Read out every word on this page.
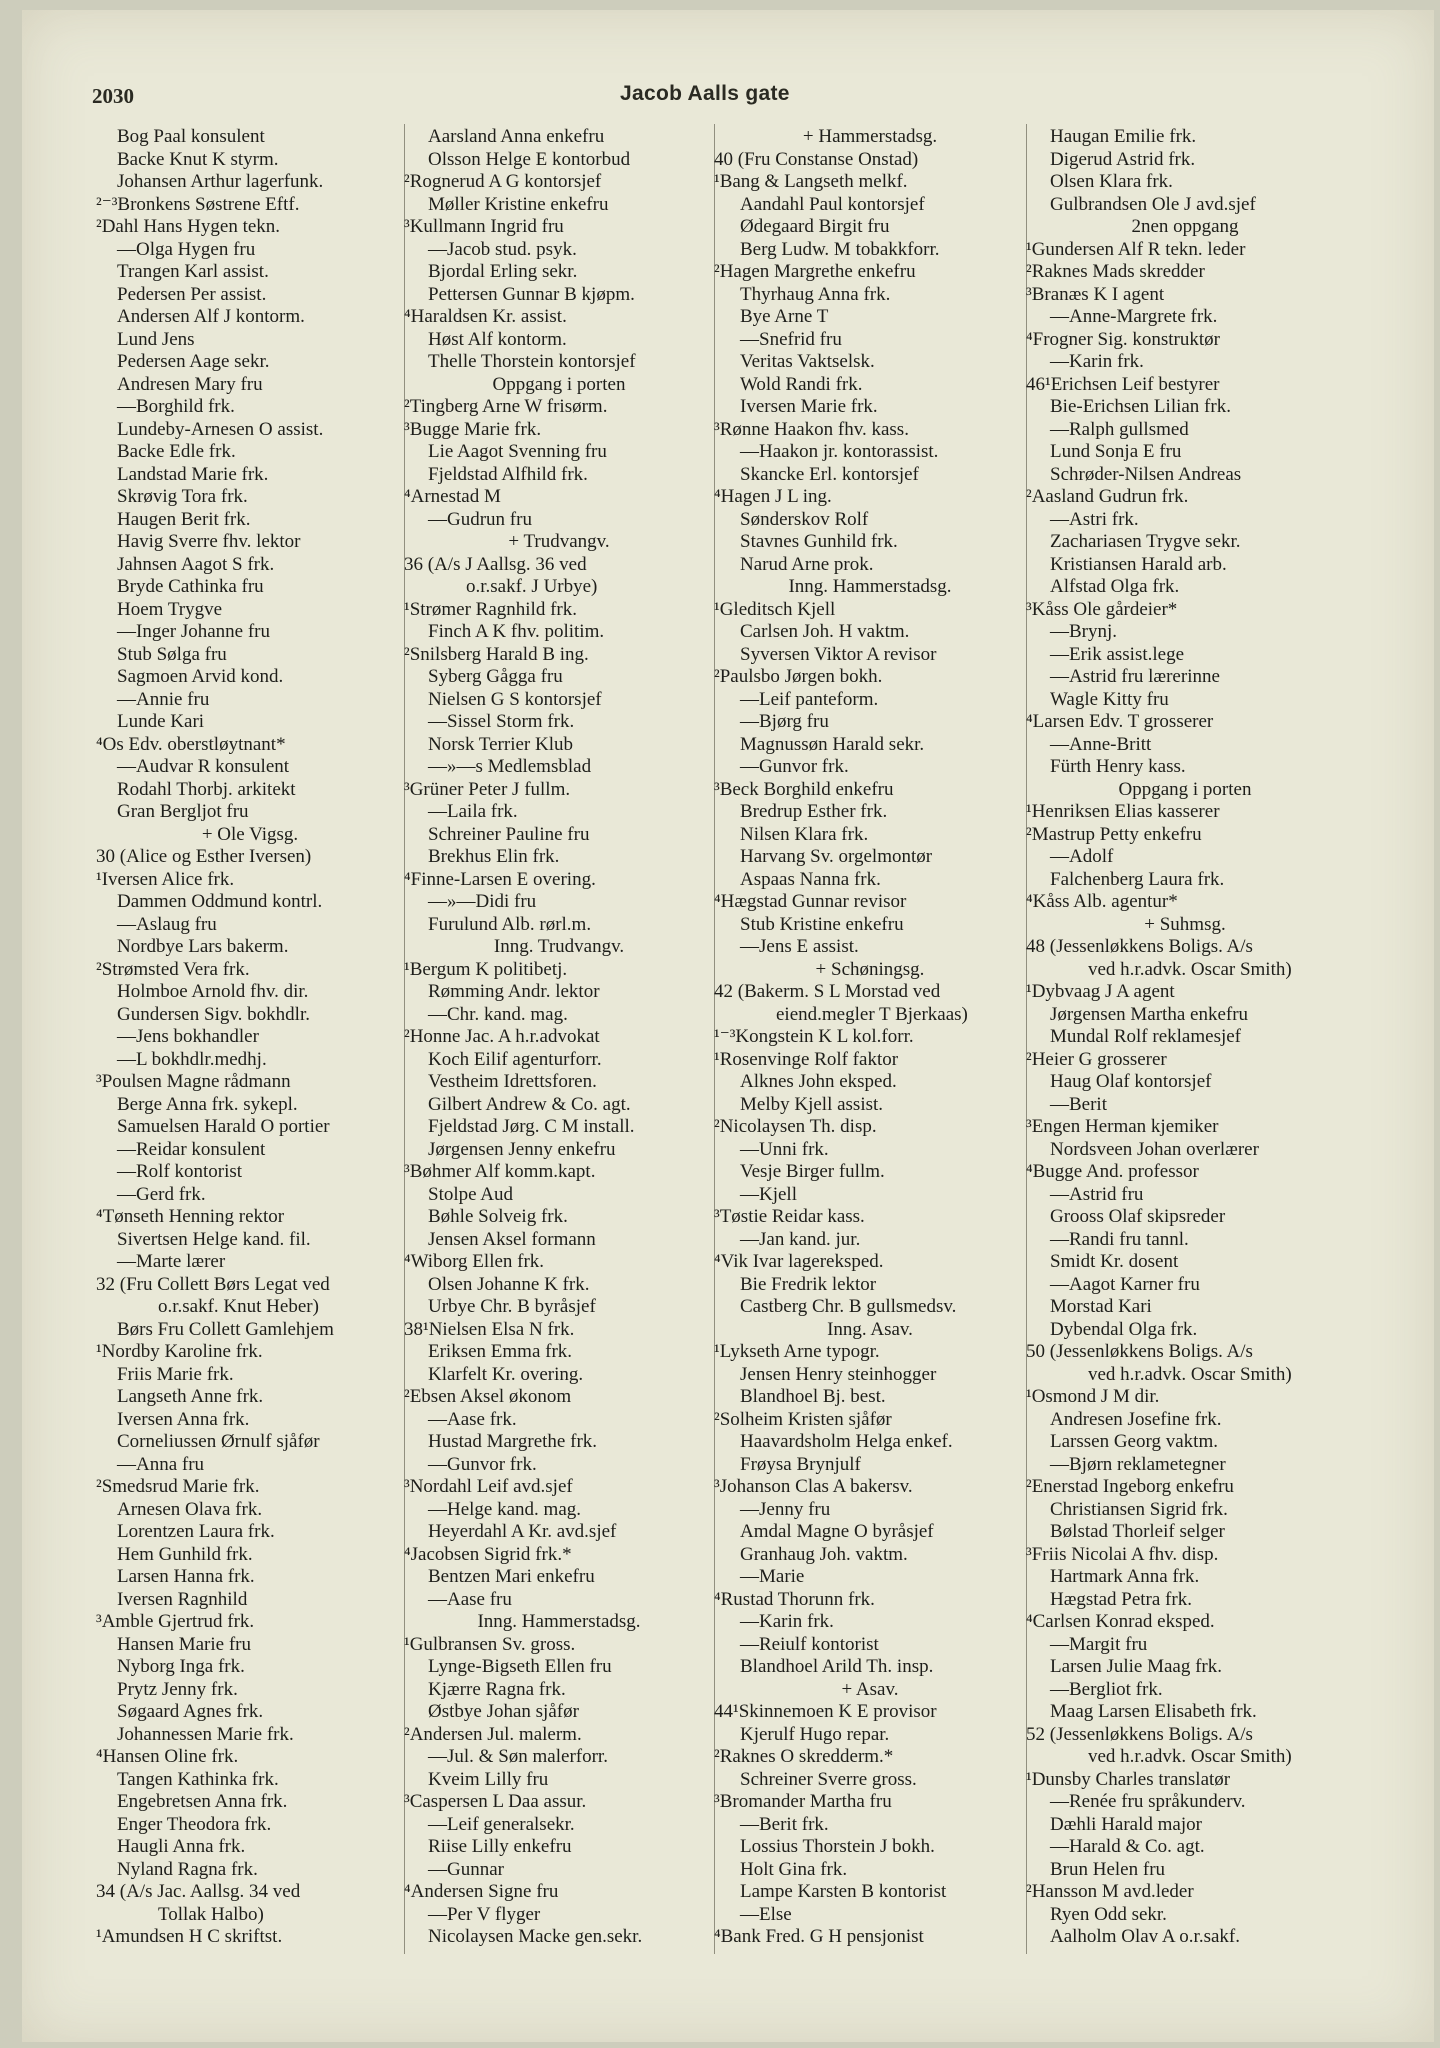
2030	Jacob Aalls gate
Bog Paal konsulent
Backe Knut K styrm.
Johansen Arthur lagerfunk.
²⁻³Bronkens Søstrene Eftf.
²Dahl Hans Hygen tekn.
—Olga Hygen fru
Trangen Karl assist.
Pedersen Per assist.
Andersen Alf J kontorm.
Lund Jens
Pedersen Aage sekr.
Andresen Mary fru
—Borghild frk.
Lundeby-Arnesen O assist.
Backe Edle frk.
Landstad Marie frk.
Skrøvig Tora frk.
Haugen Berit frk.
Havig Sverre fhv. lektor
Jahnsen Aagot S frk.
Bryde Cathinka fru
Hoem Trygve
—Inger Johanne fru
Stub Sølga fru
Sagmoen Arvid kond.
—Annie fru
Lunde Kari
⁴Os Edv. oberstløytnant*
—Audvar R konsulent
Rodahl Thorbj. arkitekt
Gran Bergljot fru
+ Ole Vigsg.
30 (Alice og Esther Iversen)
¹Iversen Alice frk.
Dammen Oddmund kontrl.
—Aslaug fru
Nordbye Lars bakerm.
²Strømsted Vera frk.
Holmboe Arnold fhv. dir.
Gundersen Sigv. bokhdlr.
—Jens bokhandler
—L bokhdlr.medhj.
³Poulsen Magne rådmann
Berge Anna frk. sykepl.
Samuelsen Harald O portier
—Reidar konsulent
—Rolf kontorist
—Gerd frk.
⁴Tønseth Henning rektor
Sivertsen Helge kand. fil.
—Marte lærer
32 (Fru Collett Børs Legat ved
o.r.sakf. Knut Heber)
Børs Fru Collett Gamlehjem
¹Nordby Karoline frk.
Friis Marie frk.
Langseth Anne frk.
Iversen Anna frk.
Corneliussen Ørnulf sjåfør
—Anna fru
²Smedsrud Marie frk.
Arnesen Olava frk.
Lorentzen Laura frk.
Hem Gunhild frk.
Larsen Hanna frk.
Iversen Ragnhild
³Amble Gjertrud frk.
Hansen Marie fru
Nyborg Inga frk.
Prytz Jenny frk.
Søgaard Agnes frk.
Johannessen Marie frk.
⁴Hansen Oline frk.
Tangen Kathinka frk.
Engebretsen Anna frk.
Enger Theodora frk.
Haugli Anna frk.
Nyland Ragna frk.
34 (A/s Jac. Aallsg. 34 ved
Tollak Halbo)
¹Amundsen H C skriftst.
Aarsland Anna enkefru
Olsson Helge E kontorbud
²Rognerud A G kontorsjef
Møller Kristine enkefru
³Kullmann Ingrid fru
—Jacob stud. psyk.
Bjordal Erling sekr.
Pettersen Gunnar B kjøpm.
⁴Haraldsen Kr. assist.
Høst Alf kontorm.
Thelle Thorstein kontorsjef
Oppgang i porten
²Tingberg Arne W frisørm.
³Bugge Marie frk.
Lie Aagot Svenning fru
Fjeldstad Alfhild frk.
⁴Arnestad M
—Gudrun fru
+ Trudvangv.
36 (A/s J Aallsg. 36 ved
o.r.sakf. J Urbye)
¹Strømer Ragnhild frk.
Finch A K fhv. politim.
²Snilsberg Harald B ing.
Syberg Gågga fru
Nielsen G S kontorsjef
—Sissel Storm frk.
Norsk Terrier Klub
—»—s Medlemsblad
³Grüner Peter J fullm.
—Laila frk.
Schreiner Pauline fru
Brekhus Elin frk.
⁴Finne-Larsen E overing.
—»—Didi fru
Furulund Alb. rørl.m.
Inng. Trudvangv.
¹Bergum K politibetj.
Rømming Andr. lektor
—Chr. kand. mag.
²Honne Jac. A h.r.advokat
Koch Eilif agenturforr.
Vestheim Idrettsforen.
Gilbert Andrew & Co. agt.
Fjeldstad Jørg. C M install.
Jørgensen Jenny enkefru
³Bøhmer Alf komm.kapt.
Stolpe Aud
Bøhle Solveig frk.
Jensen Aksel formann
⁴Wiborg Ellen frk.
Olsen Johanne K frk.
Urbye Chr. B byråsjef
38¹Nielsen Elsa N frk.
Eriksen Emma frk.
Klarfelt Kr. overing.
²Ebsen Aksel økonom
—Aase frk.
Hustad Margrethe frk.
—Gunvor frk.
³Nordahl Leif avd.sjef
—Helge kand. mag.
Heyerdahl A Kr. avd.sjef
⁴Jacobsen Sigrid frk.*
Bentzen Mari enkefru
—Aase fru
Inng. Hammerstadsg.
¹Gulbransen Sv. gross.
Lynge-Bigseth Ellen fru
Kjærre Ragna frk.
Østbye Johan sjåfør
²Andersen Jul. malerm.
—Jul. & Søn malerforr.
Kveim Lilly fru
³Caspersen L Daa assur.
—Leif generalsekr.
Riise Lilly enkefru
—Gunnar
⁴Andersen Signe fru
—Per V flyger
Nicolaysen Macke gen.sekr.
+ Hammerstadsg.
40 (Fru Constanse Onstad)
¹Bang & Langseth melkf.
Aandahl Paul kontorsjef
Ødegaard Birgit fru
Berg Ludw. M tobakkforr.
²Hagen Margrethe enkefru
Thyrhaug Anna frk.
Bye Arne T
—Snefrid fru
Veritas Vaktselsk.
Wold Randi frk.
Iversen Marie frk.
³Rønne Haakon fhv. kass.
—Haakon jr. kontorassist.
Skancke Erl. kontorsjef
⁴Hagen J L ing.
Sønderskov Rolf
Stavnes Gunhild frk.
Narud Arne prok.
Inng. Hammerstadsg.
¹Gleditsch Kjell
Carlsen Joh. H vaktm.
Syversen Viktor A revisor
²Paulsbo Jørgen bokh.
—Leif panteform.
—Bjørg fru
Magnussøn Harald sekr.
—Gunvor frk.
³Beck Borghild enkefru
Bredrup Esther frk.
Nilsen Klara frk.
Harvang Sv. orgelmontør
Aspaas Nanna frk.
⁴Hægstad Gunnar revisor
Stub Kristine enkefru
—Jens E assist.
+ Schøningsg.
42 (Bakerm. S L Morstad ved
eiend.megler T Bjerkaas)
¹⁻³Kongstein K L kol.forr.
¹Rosenvinge Rolf faktor
Alknes John eksped.
Melby Kjell assist.
²Nicolaysen Th. disp.
—Unni frk.
Vesje Birger fullm.
—Kjell
³Tøstie Reidar kass.
—Jan kand. jur.
⁴Vik Ivar lagereksped.
Bie Fredrik lektor
Castberg Chr. B gullsmedsv.
Inng. Asav.
¹Lykseth Arne typogr.
Jensen Henry steinhogger
Blandhoel Bj. best.
²Solheim Kristen sjåfør
Haavardsholm Helga enkef.
Frøysa Brynjulf
³Johanson Clas A bakersv.
—Jenny fru
Amdal Magne O byråsjef
Granhaug Joh. vaktm.
—Marie
⁴Rustad Thorunn frk.
—Karin frk.
—Reiulf kontorist
Blandhoel Arild Th. insp.
+ Asav.
44¹Skinnemoen K E provisor
Kjerulf Hugo repar.
²Raknes O skredderm.*
Schreiner Sverre gross.
³Bromander Martha fru
—Berit frk.
Lossius Thorstein J bokh.
Holt Gina frk.
Lampe Karsten B kontorist
—Else
⁴Bank Fred. G H pensjonist
Haugan Emilie frk.
Digerud Astrid frk.
Olsen Klara frk.
Gulbrandsen Ole J avd.sjef
2nen oppgang
¹Gundersen Alf R tekn. leder
²Raknes Mads skredder
³Branæs K I agent
—Anne-Margrete frk.
⁴Frogner Sig. konstruktør
—Karin frk.
46¹Erichsen Leif bestyrer
Bie-Erichsen Lilian frk.
—Ralph gullsmed
Lund Sonja E fru
Schrøder-Nilsen Andreas
²Aasland Gudrun frk.
—Astri frk.
Zachariasen Trygve sekr.
Kristiansen Harald arb.
Alfstad Olga frk.
³Kåss Ole gårdeier*
—Brynj.
—Erik assist.lege
—Astrid fru lærerinne
Wagle Kitty fru
⁴Larsen Edv. T grosserer
—Anne-Britt
Fürth Henry kass.
Oppgang i porten
¹Henriksen Elias kasserer
²Mastrup Petty enkefru
—Adolf
Falchenberg Laura frk.
⁴Kåss Alb. agentur*
+ Suhmsg.
48 (Jessenløkkens Boligs. A/s
ved h.r.advk. Oscar Smith)
¹Dybvaag J A agent
Jørgensen Martha enkefru
Mundal Rolf reklamesjef
²Heier G grosserer
Haug Olaf kontorsjef
—Berit
³Engen Herman kjemiker
Nordsveen Johan overlærer
⁴Bugge And. professor
—Astrid fru
Grooss Olaf skipsreder
—Randi fru tannl.
Smidt Kr. dosent
—Aagot Karner fru
Morstad Kari
Dybendal Olga frk.
50 (Jessenløkkens Boligs. A/s
ved h.r.advk. Oscar Smith)
¹Osmond J M dir.
Andresen Josefine frk.
Larssen Georg vaktm.
—Bjørn reklametegner
²Enerstad Ingeborg enkefru
Christiansen Sigrid frk.
Bølstad Thorleif selger
³Friis Nicolai A fhv. disp.
Hartmark Anna frk.
Hægstad Petra frk.
⁴Carlsen Konrad eksped.
—Margit fru
Larsen Julie Maag frk.
—Bergliot frk.
Maag Larsen Elisabeth frk.
52 (Jessenløkkens Boligs. A/s
ved h.r.advk. Oscar Smith)
¹Dunsby Charles translatør
—Renée fru språkunderv.
Dæhli Harald major
—Harald & Co. agt.
Brun Helen fru
²Hansson M avd.leder
Ryen Odd sekr.
Aalholm Olav A o.r.sakf.
